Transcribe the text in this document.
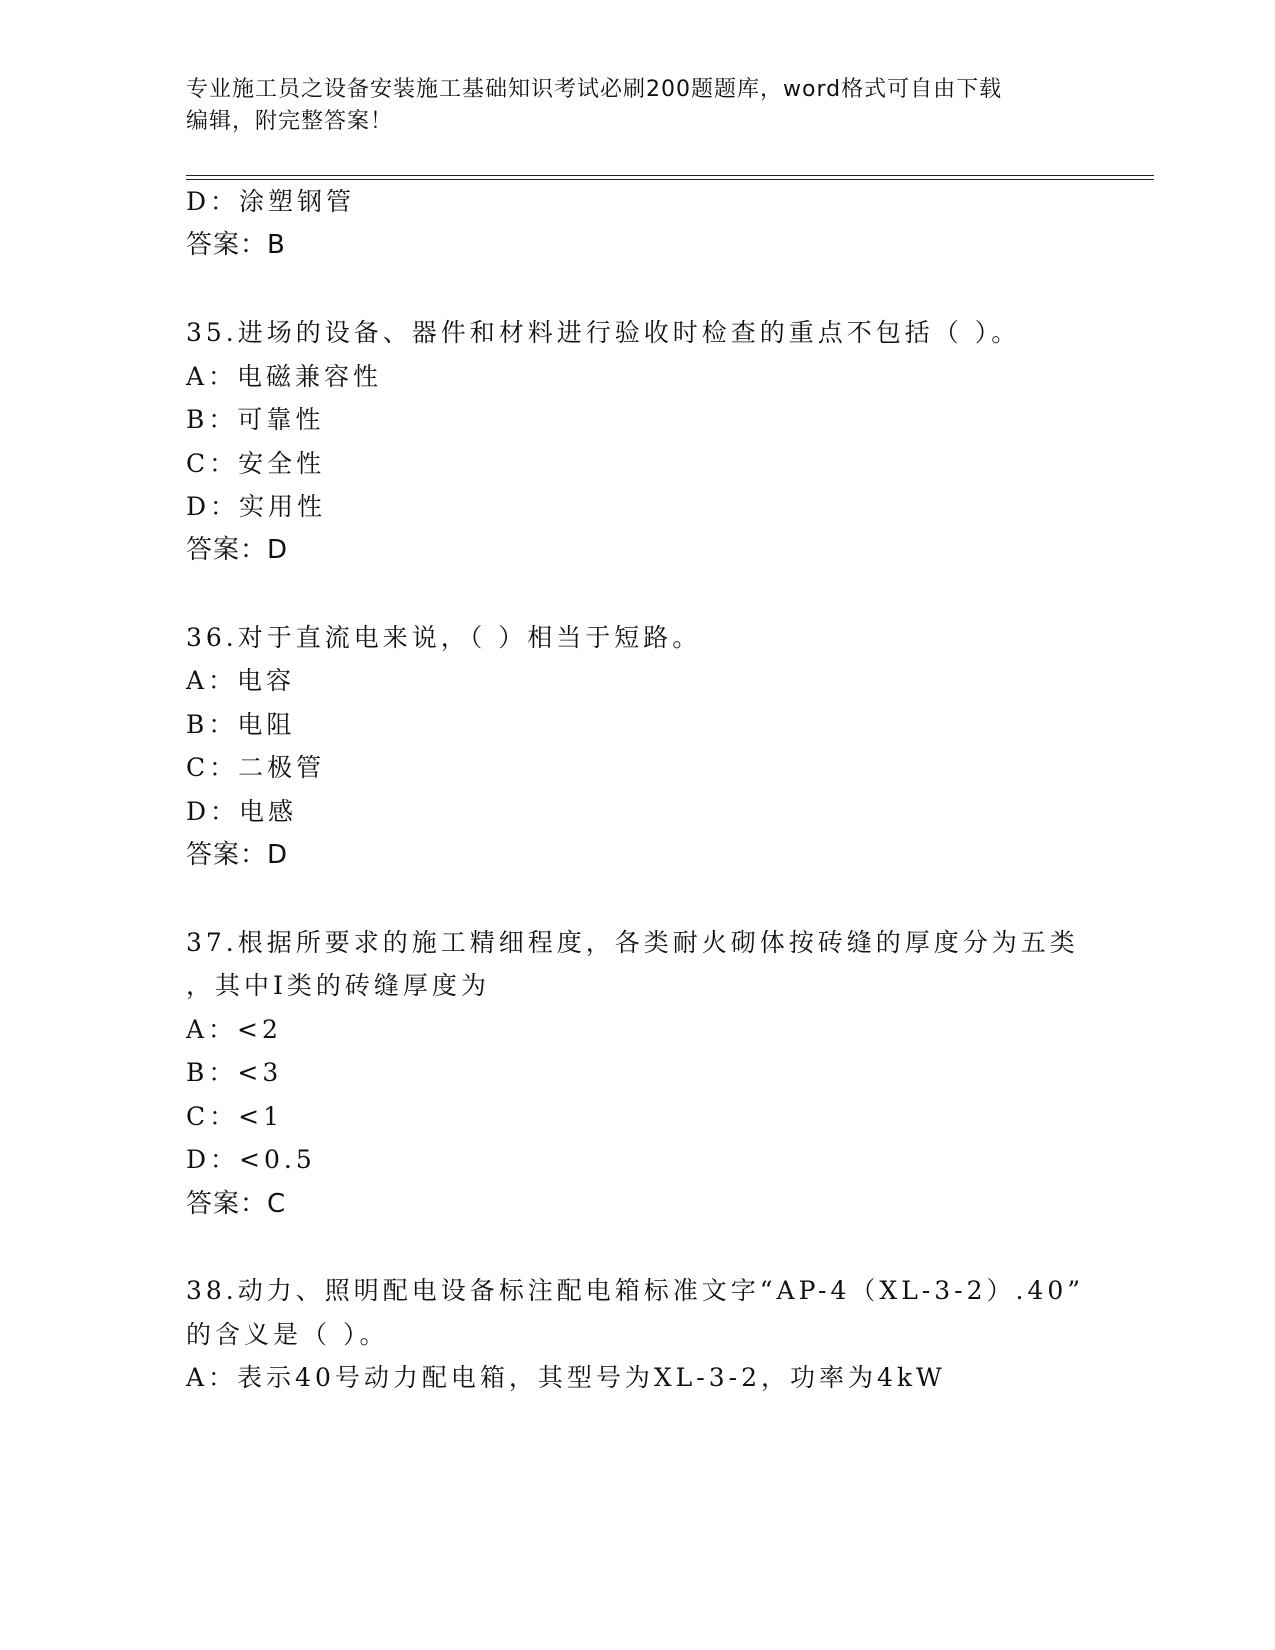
专业施工员之设备安装施工基础知识考试必刷200题题库，word格式可自由下载
编辑，附完整答案！
D：涂塑钢管
答案：B
35.进场的设备、器件和材料进行验收时检查的重点不包括（ ）。
A：电磁兼容性
B：可靠性
C：安全性
D：实用性
答案：D
36.对于直流电来说，（ ）相当于短路。
A：电容
B：电阻
C：二极管
D：电感
答案：D
37.根据所要求的施工精细程度，各类耐火砌体按砖缝的厚度分为五类
，其中Ⅰ类的砖缝厚度为
A：<2
B：<3
C：<1
D：<0.5
答案：C
38.动力、照明配电设备标注配电箱标准文字“AP-4（XL-3-2）.40”
的含义是（ ）。
A：表示40号动力配电箱，其型号为XL-3-2，功率为4kW
